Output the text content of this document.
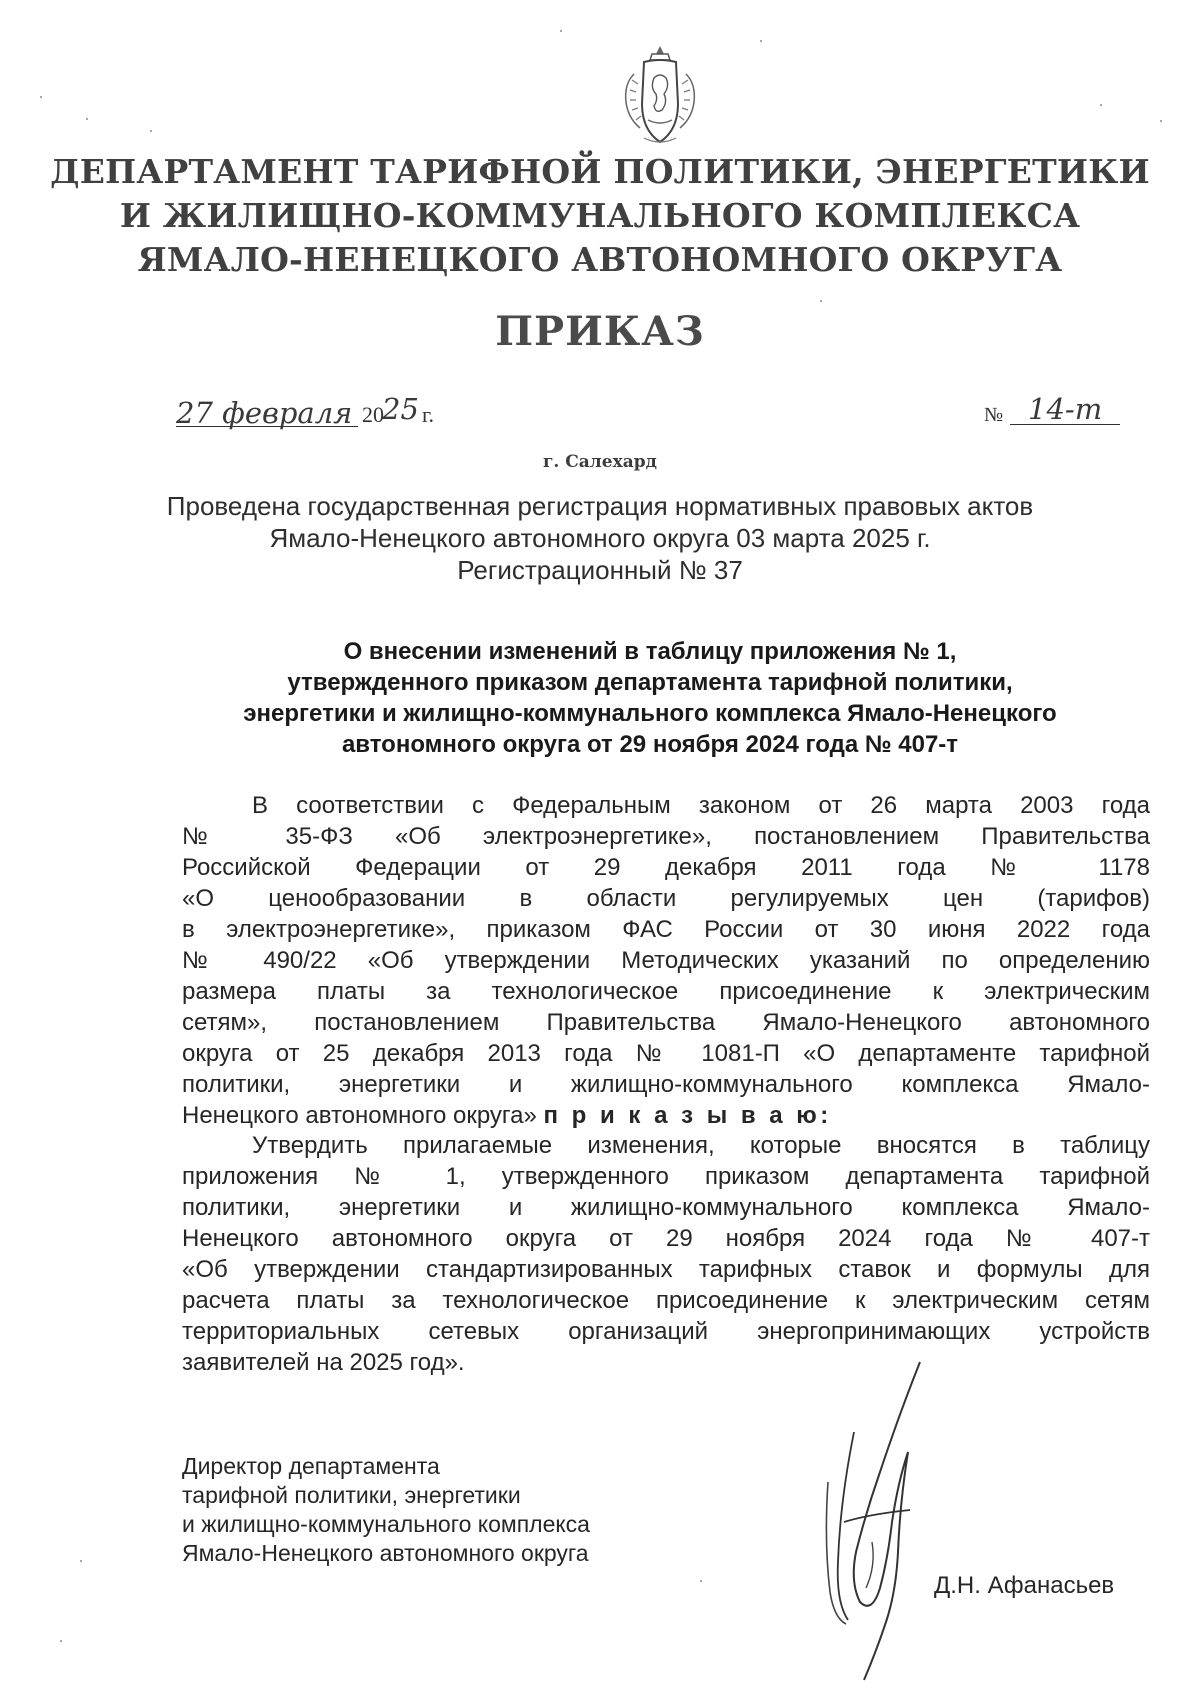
ДЕПАРТАМЕНТ ТАРИФНОЙ ПОЛИТИКИ, ЭНЕРГЕТИКИ
И ЖИЛИЩНО-КОММУНАЛЬНОГО КОМПЛЕКСА
ЯМАЛО-НЕНЕЦКОГО АВТОНОМНОГО ОКРУГА
ПРИКАЗ
27 февраля 20
25 г.	№ 14-т
г. Салехард
Проведена государственная регистрация нормативных правовых актов
Ямало-Ненецкого автономного округа 03 марта 2025 г.
Регистрационный № 37
О внесении изменений в таблицу приложения № 1,
утвержденного приказом департамента тарифной политики,
энергетики и жилищно-коммунального комплекса Ямало-Ненецкого
автономного округа от 29 ноября 2024 года № 407-т
В соответствии с Федеральным законом от 26 марта 2003 года
№ 35-ФЗ «Об электроэнергетике», постановлением Правительства
Российской Федерации от 29 декабря 2011 года № 1178
«О ценообразовании в области регулируемых цен (тарифов)
в электроэнергетике», приказом ФАС России от 30 июня 2022 года
№ 490/22 «Об утверждении Методических указаний по определению
размера платы за технологическое присоединение к электрическим
сетям», постановлением Правительства Ямало-Ненецкого автономного
округа от 25 декабря 2013 года № 1081-П «О департаменте тарифной
политики, энергетики и жилищно-коммунального комплекса Ямало-
Ненецкого автономного округа» п р и к а з ы в а ю:
Утвердить прилагаемые изменения, которые вносятся в таблицу
приложения № 1, утвержденного приказом департамента тарифной
политики, энергетики и жилищно-коммунального комплекса Ямало-
Ненецкого автономного округа от 29 ноября 2024 года № 407-т
«Об утверждении стандартизированных тарифных ставок и формулы для
расчета платы за технологическое присоединение к электрическим сетям
территориальных сетевых организаций энергопринимающих устройств
заявителей на 2025 год».
Директор департамента
тарифной политики, энергетики
и жилищно-коммунального комплекса
Ямало-Ненецкого автономного округа
Д.Н. Афанасьев
